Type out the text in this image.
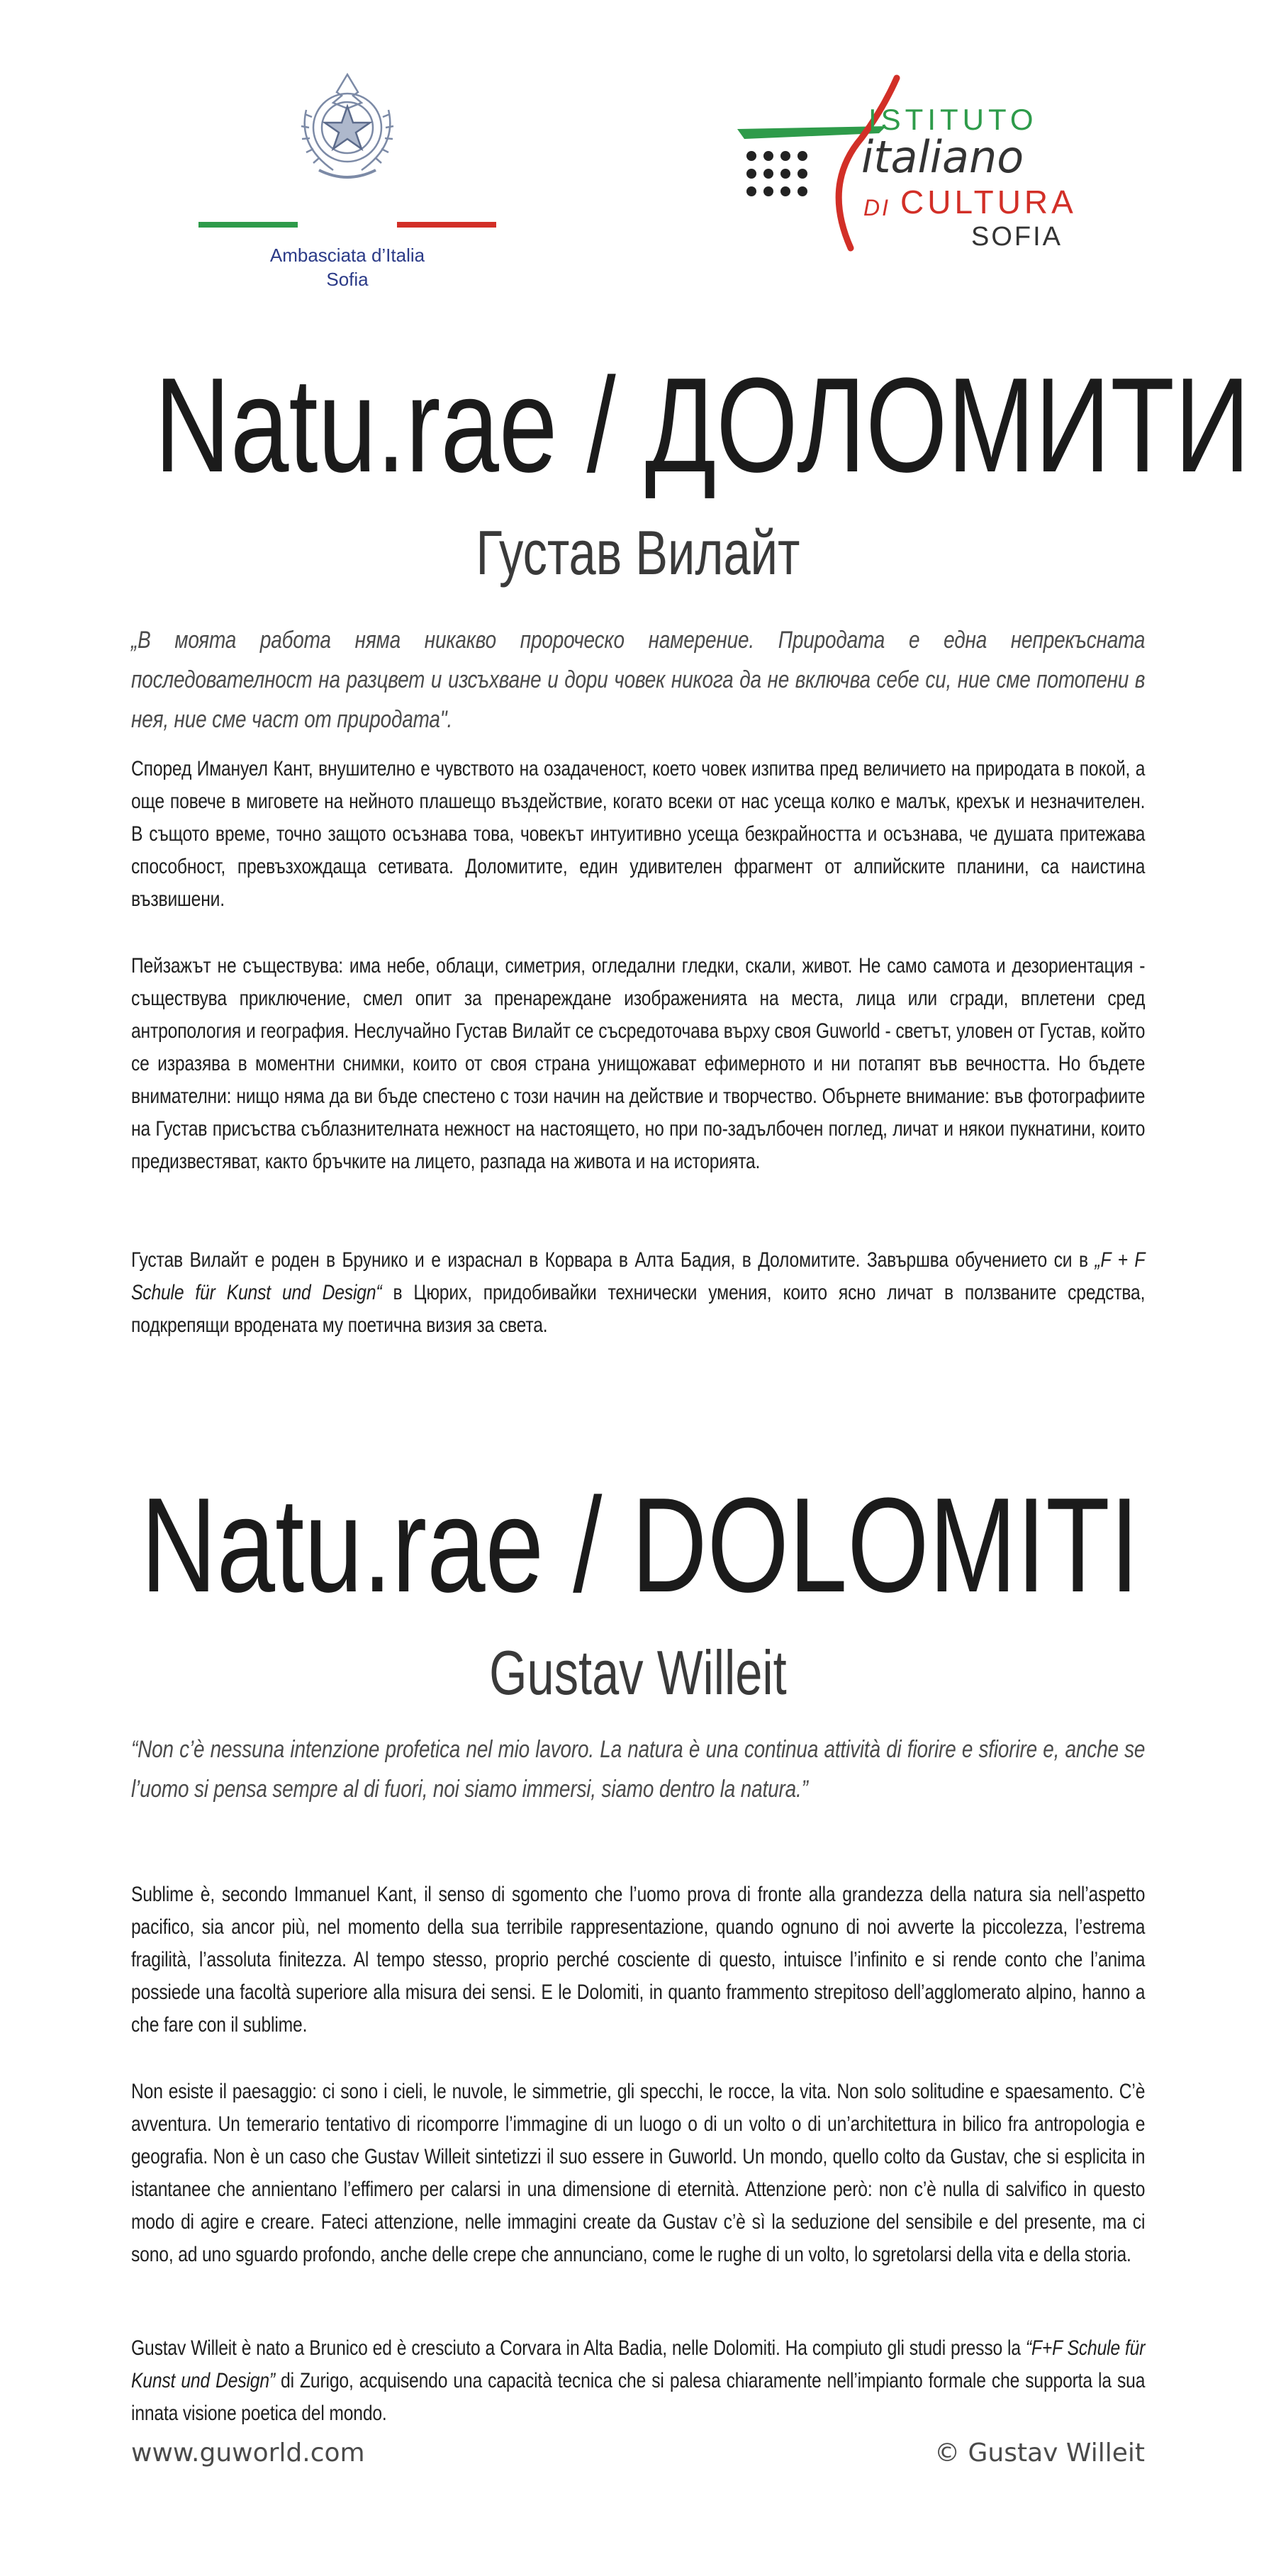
Ambasciata d’Italia
Sofia
ISTITUTO
italiano
DI CULTURA
SOFIA
Natu.rae / ДОЛОМИТИ
Густав Вилайт
„В моята работа няма никакво пророческо намерение. Природата е една непрекъсната последователност на разцвет и изсъхване и дори човек никога да не включва себе си, ние сме потопени в нея, ние сме част от природата".
Според Имануел Кант, внушително е чувството на озадаченост, което човек изпитва пред величието на природата в покой, а още повече в миговете на нейното плашещо въздействие, когато всеки от нас усеща колко е малък, крехък и незначителен. В същото време, точно защото осъзнава това, човекът интуитивно усеща безкрайността и осъзнава, че душата притежава способност, превъзхождаща сетивата. Доломитите, един удивителен фрагмент от алпийските планини, са наистина възвишени.
Пейзажът не съществува: има небе, облаци, симетрия, огледални гледки, скали, живот. Не само самота и дезориентация - съществува приключение, смел опит за пренареждане изображенията на места, лица или сгради, вплетени сред антропология и география. Неслучайно Густав Вилайт се съсредоточава върху своя Guworld - светът, уловен от Густав, който се изразява в моментни снимки, които от своя страна унищожават ефимерното и ни потапят във вечността. Но бъдете внимателни: нищо няма да ви бъде спестено с този начин на действие и творчество. Обърнете внимание: във фотографиите на Густав присъства съблазнителната нежност на настоящето, но при по-задълбочен поглед, личат и някои пукнатини, които предизвестяват, както бръчките на лицето, разпада на живота и на историята.
Густав Вилайт е роден в Брунико и е израснал в Корвара в Алта Бадия, в Доломитите. Завършва обучението си в „F + F Schule für Kunst und Design“ в Цюрих, придобивайки технически умения, които ясно личат в ползваните средства, подкрепящи вродената му поетична визия за света.
Natu.rae / DOLOMITI
Gustav Willeit
“Non c’è nessuna intenzione profetica nel mio lavoro. La natura è una continua attività di fiorire e sfiorire e, anche se l’uomo si pensa sempre al di fuori, noi siamo immersi, siamo dentro la natura.”
Sublime è, secondo Immanuel Kant, il senso di sgomento che l’uomo prova di fronte alla grandezza della natura sia nell’aspetto pacifico, sia ancor più, nel momento della sua terribile rappresentazione, quando ognuno di noi avverte la piccolezza, l’estrema fragilità, l’assoluta finitezza. Al tempo stesso, proprio perché cosciente di questo, intuisce l’infinito e si rende conto che l’anima possiede una facoltà superiore alla misura dei sensi. E le Dolomiti, in quanto frammento strepitoso dell’agglomerato alpino, hanno a che fare con il sublime.
Non esiste il paesaggio: ci sono i cieli, le nuvole, le simmetrie, gli specchi, le rocce, la vita. Non solo solitudine e spaesamento. C’è avventura. Un temerario tentativo di ricomporre l’immagine di un luogo o di un volto o di un’architettura in bilico fra antropologia e geografia. Non è un caso che Gustav Willeit sintetizzi il suo essere in Guworld. Un mondo, quello colto da Gustav, che si esplicita in istantanee che annientano l’effimero per calarsi in una dimensione di eternità. Attenzione però: non c’è nulla di salvifico in questo modo di agire e creare. Fateci attenzione, nelle immagini create da Gustav c’è sì la seduzione del sensibile e del presente, ma ci sono, ad uno sguardo profondo, anche delle crepe che annunciano, come le rughe di un volto, lo sgretolarsi della vita e della storia.
Gustav Willeit è nato a Brunico ed è cresciuto a Corvara in Alta Badia, nelle Dolomiti. Ha compiuto gli studi presso la “F+F Schule für Kunst und Design” di Zurigo, acquisendo una capacità tecnica che si palesa chiaramente nell’impianto formale che supporta la sua innata visione poetica del mondo.
www.guworld.com	© Gustav Willeit
